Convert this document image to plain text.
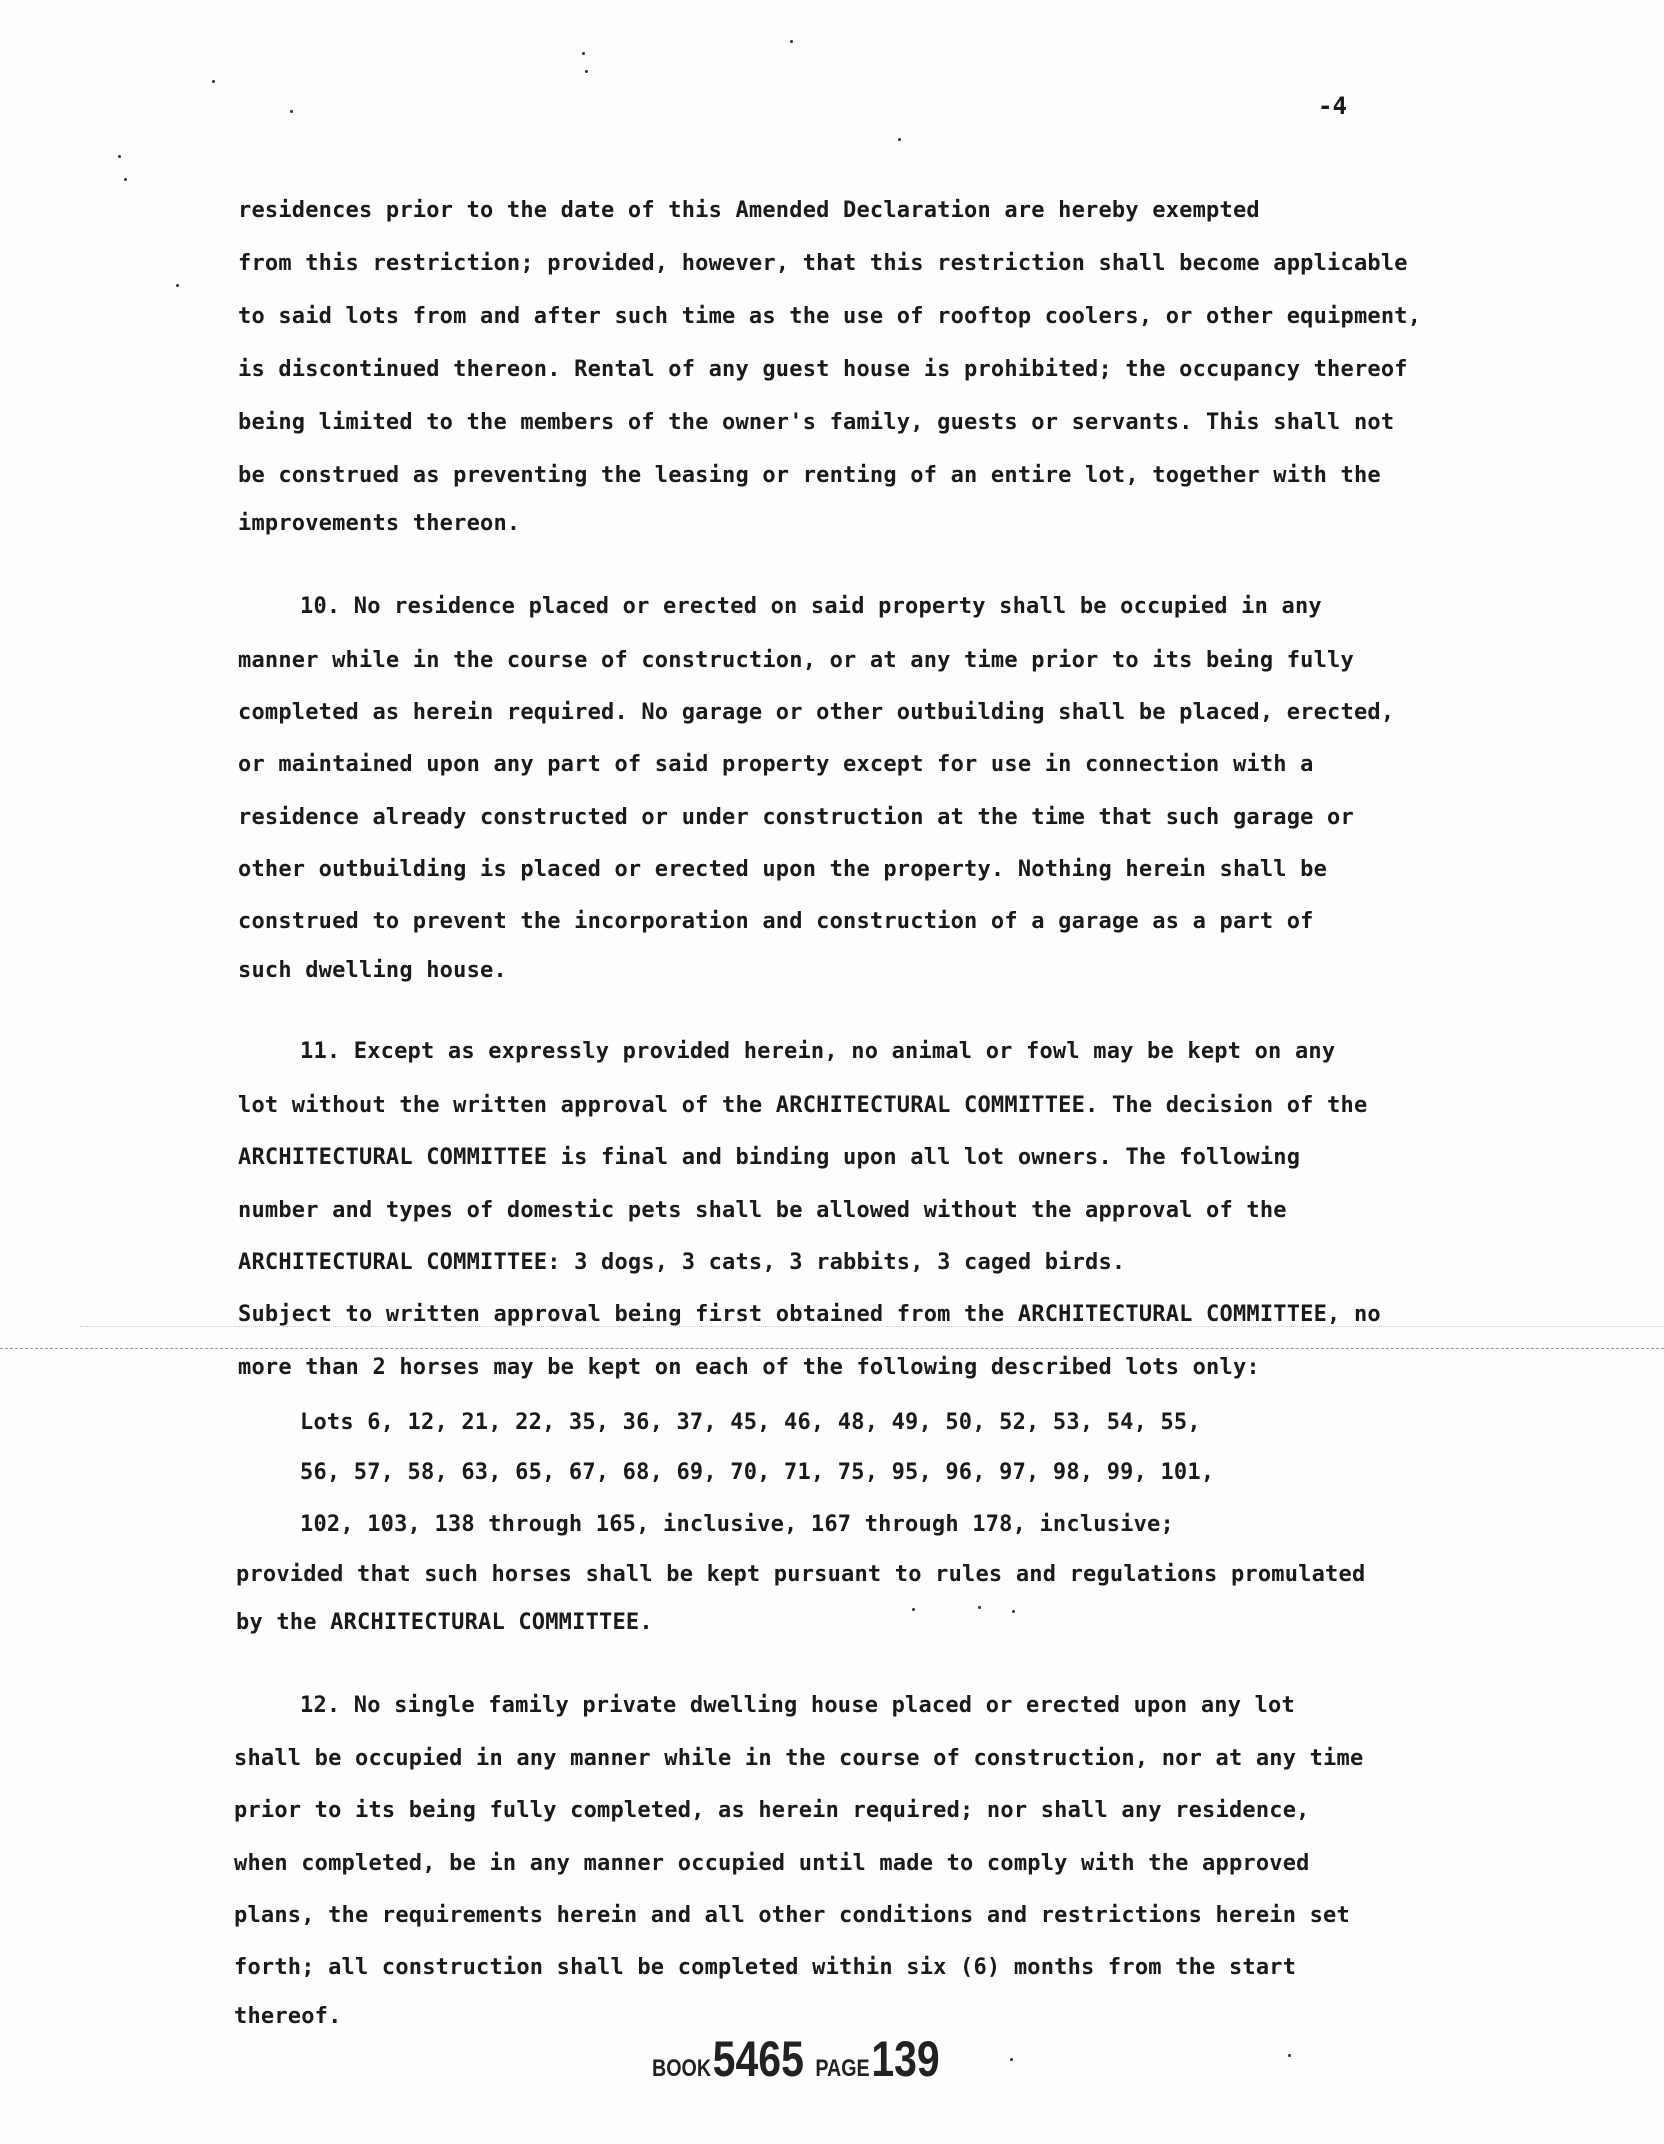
-4
residences prior to the date of this Amended Declaration are hereby exempted
from this restriction; provided, however, that this restriction shall become applicable
to said lots from and after such time as the use of rooftop coolers, or other equipment,
is discontinued thereon. Rental of any guest house is prohibited; the occupancy thereof
being limited to the members of the owner's family, guests or servants. This shall not
be construed as preventing the leasing or renting of an entire lot, together with the
improvements thereon.
10. No residence placed or erected on said property shall be occupied in any
manner while in the course of construction, or at any time prior to its being fully
completed as herein required. No garage or other outbuilding shall be placed, erected,
or maintained upon any part of said property except for use in connection with a
residence already constructed or under construction at the time that such garage or
other outbuilding is placed or erected upon the property. Nothing herein shall be
construed to prevent the incorporation and construction of a garage as a part of
such dwelling house.
11. Except as expressly provided herein, no animal or fowl may be kept on any
lot without the written approval of the ARCHITECTURAL COMMITTEE. The decision of the
ARCHITECTURAL COMMITTEE is final and binding upon all lot owners. The following
number and types of domestic pets shall be allowed without the approval of the
ARCHITECTURAL COMMITTEE: 3 dogs, 3 cats, 3 rabbits, 3 caged birds.
Subject to written approval being first obtained from the ARCHITECTURAL COMMITTEE, no
more than 2 horses may be kept on each of the following described lots only:
Lots 6, 12, 21, 22, 35, 36, 37, 45, 46, 48, 49, 50, 52, 53, 54, 55,
56, 57, 58, 63, 65, 67, 68, 69, 70, 71, 75, 95, 96, 97, 98, 99, 101,
102, 103, 138 through 165, inclusive, 167 through 178, inclusive;
provided that such horses shall be kept pursuant to rules and regulations promulated
by the ARCHITECTURAL COMMITTEE.
12. No single family private dwelling house placed or erected upon any lot
shall be occupied in any manner while in the course of construction, nor at any time
prior to its being fully completed, as herein required; nor shall any residence,
when completed, be in any manner occupied until made to comply with the approved
plans, the requirements herein and all other conditions and restrictions herein set
forth; all construction shall be completed within six (6) months from the start
thereof.
BOOK 5465 PAGE 139
